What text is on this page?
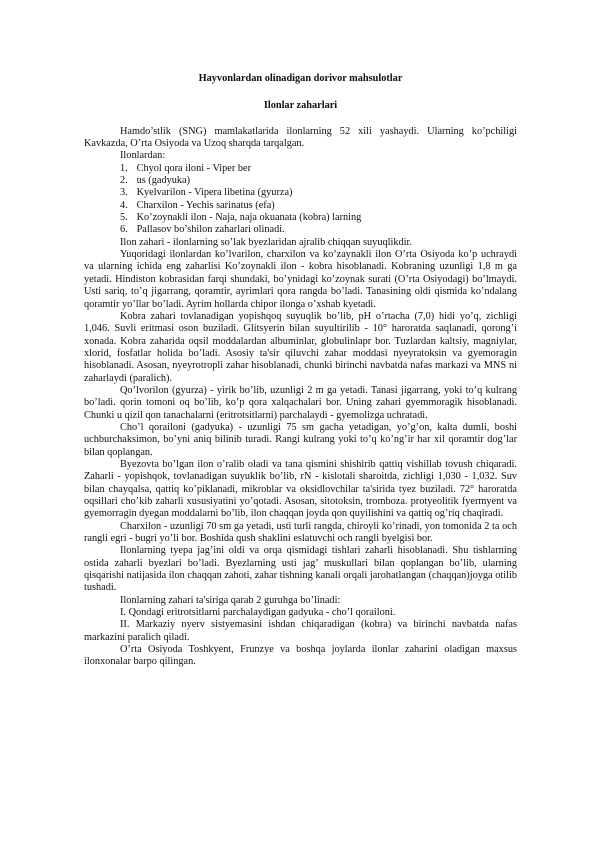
Hayvonlardan olinadigan dorivor mahsulotlar

Ilonlar zaharlari

Hamdo’stlik (SNG) mamlakatlarida ilonlarning 52 xili yashaydi. Ularning ko’pchiligi Kavkazda, O’rta Osiyoda va Uzoq sharqda tarqalgan.

Ilonlardan:

1. Chyol qora iloni - Viper ber
2. us (gadyuka)
3. Kyelvarilon - Vipera libetina (gyurza)
4. Charxilon - Yechis sarinatus (efa)
5. Ko’zoynakli ilon - Naja, naja okuanata (kobra) larning
6. Pallasov bo’shilon zaharlari olinadi.

Ilon zahari - ilonlarning so’lak byezlaridan ajralib chiqqan suyuqlikdir.

Yuqoridagi ilonlardan ko’lvarilon, charxilon va ko’zaynakli ilon O’rta Osiyoda ko’p uchraydi va ularning ichida eng zaharlisi Ko’zoynakli ilon - kobra hisoblanadi. Kobraning uzunligi 1,8 m ga yetadi. Hindiston kobrasidan farqi shundaki, bo’ynidagi ko’zoynak surati (O’rta Osiyodagi) bo’lmaydi. Usti sariq, to’q jigarrang, qoramtir, ayrimlari qora rangda bo’ladi. Tanasining oldi qismida ko’ndalang qoramtir yo’llar bo’ladi. Ayrim hollarda chipor ilonga o’xshab kyetadi.

Kobra zahari tovlanadigan yopishqoq suyuqlik bo’lib, pH o’rtacha (7,0) hidi yo’q, zichligi 1,046. Suvli eritmasi oson buziladi. Glitsyerin bilan suyultirilib - 10° haroratda saqlanadi, qorong’i xonada. Kobra zaharida oqsil moddalardan albuminlar, globulinlapr bor. Tuzlardan kaltsiy, magniylar, xlorid, fosfatlar holida bo’ladi. Asosiy ta'sir qiluvchi zahar moddasi nyeyratoksin va gyemoragin hisoblanadi. Asosan, nyeyrotropli zahar hisoblanadi, chunki birinchi navbatda nafas markazi va MNS ni zaharlaydi (paralich).

Qo’lvorilon (gyurza) - yirik bo’lib, uzunligi 2 m ga yetadi. Tanasi jigarrang, yoki to’q kulrang bo’ladi. qorin tomoni oq bo’lib, ko’p qora xalqachalari bor. Uning zahari gyemmoragik hisoblanadi. Chunki u qizil qon tanachalarni (eritrotsitlarni) parchalaydi - gyemolizga uchratadi.

Cho’l qorailoni (gadyuka) - uzunligi 75 sm gacha yetadigan, yo’g’on, kalta dumli, boshi uchburchaksimon, bo’yni aniq bilinib turadi. Rangi kulrang yoki to’q ko’ng’ir har xil qoramtir dog’lar bilan qoplangan.

Byezovta bo’lgan ilon o’ralib oladi va tana qismini shishirib qattiq vishillab tovush chiqaradi. Zaharli - yopishqok, tovlanadigan suyuklik bo’lib, rN - kislotali sharoitda, zichligi 1,030 - 1,032. Suv bilan chayqalsa, qattiq ko’piklanadi, mikroblar va oksidlovchilar ta'sirida tyez buziladi. 72° haroratda oqsillari cho’kib zaharli xususiyatini yo’qotadi. Asosan, sitotoksin, tromboza. protyeolitik fyermyent va gyemorragin dyegan moddalarni bo’lib, ilon chaqqan joyda qon quyilishini va qattiq og’riq chaqiradi.

Charxilon - uzunligi 70 sm ga yetadi, usti turli rangda, chiroyli ko’rinadi, yon tomonida 2 ta och rangli egri - bugri yo’li bor. Boshida qush shaklini eslatuvchi och rangli byelgisi bor.

Ilonlarning tyepa jag’ini oldi va orqa qismidagi tishlari zaharli hisoblanadi. Shu tishlarning ostida zaharli byezlari bo’ladi. Byezlarning usti jag’ muskullari bilan qoplangan bo’lib, ularning qisqarishi natijasida ilon chaqqan zahoti, zahar tishning kanali orqali jarohatlangan (chaqqan)joyga otilib tushadi.

Ilonlarning zahari ta'siriga qarab 2 guruhga bo’linadi:

I. Qondagi eritrotsitlarni parchalaydigan gadyuka - cho’l qorailoni.

II. Markaziy nyerv sistyemasini ishdan chiqaradigan (kobra) va birinchi navbatda nafas markazini paralich qiladi.

O’rta Osiyoda Toshkyent, Frunzye va boshqa joylarda ilonlar zaharini oladigan maxsus ilonxonalar barpo qilingan.
